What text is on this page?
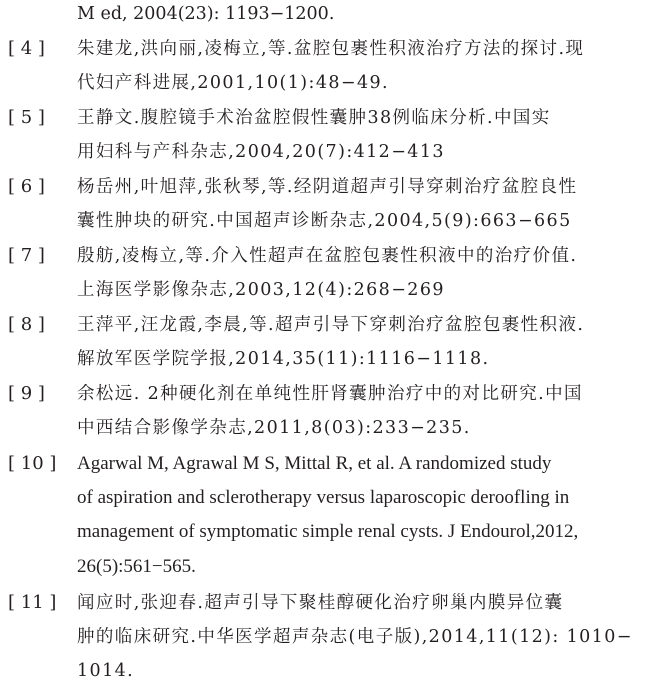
M ed, 2004(23): 1193−1200.
[ 4 ] 朱建龙,洪向丽,凌梅立,等.盆腔包裹性积液治疗方法的探讨.现
代妇产科进展,2001,10(1):48−49.
[ 5 ] 王静文.腹腔镜手术治盆腔假性囊肿38例临床分析.中国实
用妇科与产科杂志,2004,20(7):412−413
[ 6 ] 杨岳州,叶旭萍,张秋琴,等.经阴道超声引导穿刺治疗盆腔良性
囊性肿块的研究.中国超声诊断杂志,2004,5(9):663−665
[ 7 ] 殷舫,凌梅立,等.介入性超声在盆腔包裹性积液中的治疗价值.
上海医学影像杂志,2003,12(4):268−269
[ 8 ] 王萍平,汪龙霞,李晨,等.超声引导下穿刺治疗盆腔包裹性积液.
解放军医学院学报,2014,35(11):1116−1118.
[ 9 ] 余松远. 2种硬化剂在单纯性肝肾囊肿治疗中的对比研究.中国
中西结合影像学杂志,2011,8(03):233−235.
[ 10 ] Agarwal M, Agrawal M S, Mittal R, et al. A randomized study
of aspiration and sclerotherapy versus laparoscopic deroofling in
management of symptomatic simple renal cysts. J Endourol,2012,
26(5):561−565.
[ 11 ] 闻应时,张迎春.超声引导下聚桂醇硬化治疗卵巢内膜异位囊
肿的临床研究.中华医学超声杂志(电子版),2014,11(12): 1010−
1014.
